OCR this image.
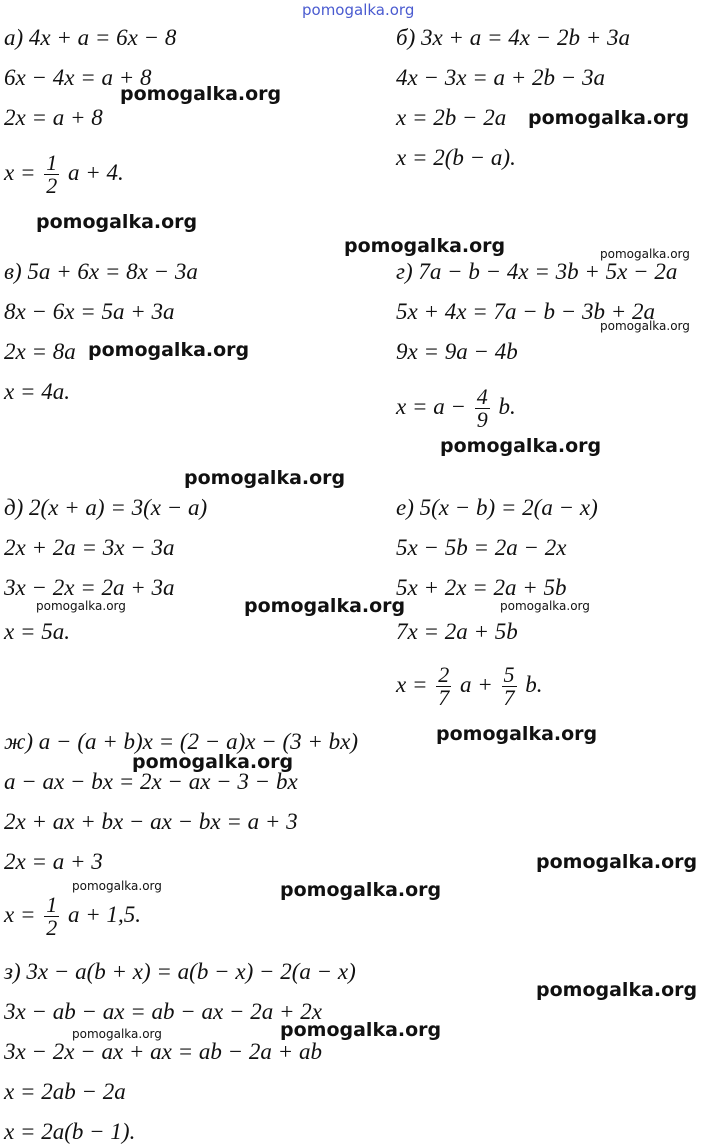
pomogalka.org
pomogalka.org
pomogalka.org
pomogalka.org
pomogalka.org	pomogalka.org
pomogalka.org
pomogalka.org
pomogalka.org
pomogalka.org
pomogalka.org	pomogalka.org	pomogalka.org
pomogalka.org
pomogalka.org
pomogalka.org
pomogalka.org	pomogalka.org
pomogalka.org
pomogalka.org
pomogalka.org
а) 4x + a = 6x − 8
6x − 4x = a + 8
2x = a + 8
$x = \frac{1}{2}$ a + 4.
б) 3x + a = 4x − 2b + 3a
4x − 3x = a + 2b − 3a
x = 2b − 2a
x = 2(b − a).
в) 5a + 6x = 8x − 3a
8x − 6x = 5a + 3a
2x = 8a
x = 4a.
г) 7a − b − 4x = 3b + 5x − 2a
5x + 4x = 7a − b − 3b + 2a
9x = 9a − 4b
$x = a - \frac{4}{9} b$.
д) 2(x + a) = 3(x − a)
2x + 2a = 3x − 3a
3x − 2x = 2a + 3a
x = 5a.
е) 5(x − b) = 2(a − x)
5x − 5b = 2a − 2x
5x + 2x = 2a + 5b
7x = 2a + 5b
$x = \frac{2}{7}$ $a + \frac{5}{7} b$.
ж) a − (a + b)x = (2 − a)x − (3 + bx)
a − ax − bx = 2x − ax − 3 − bx
2x + ax + bx − ax − bx = a + 3
2x = a + 3
$x = \frac{1}{2}$ a + 1,5.
з) 3x − a(b + x) = a(b − x) − 2(a − x)
3x − ab − ax = ab − ax − 2a + 2x
3x − 2x − ax + ax = ab − 2a + ab
x = 2ab − 2a
x = 2a(b − 1).
